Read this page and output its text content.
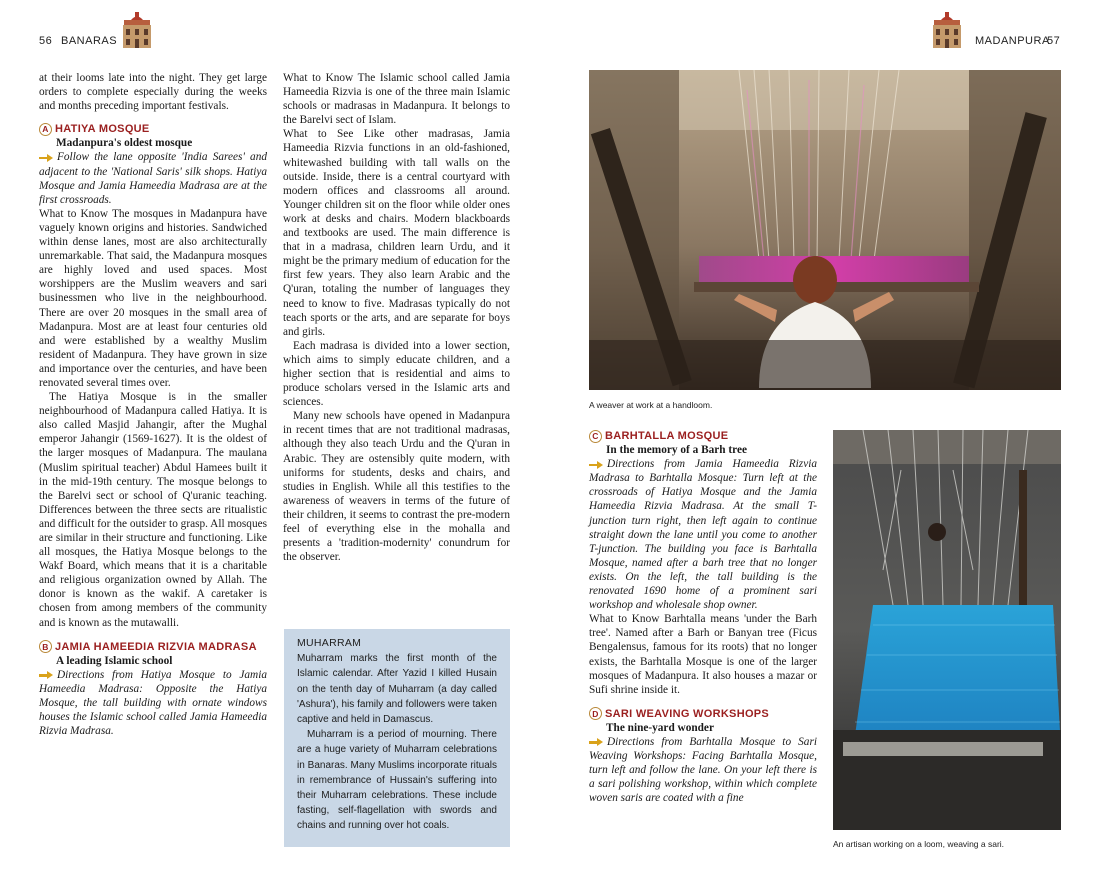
56 BANARAS	MADANPURA
57

at their looms late into the night. They get large orders to complete especially during the weeks and months preceding important festivals.

A HATIYA MOSQUE

Madanpura's oldest mosque

Follow the lane opposite 'India Sarees' and adjacent to the 'National Saris' silk shops. Hatiya Mosque and Jamia Hameedia Madrasa are at the first crossroads.

What to Know The mosques in Madanpura have vaguely known origins and histories. Sandwiched within dense lanes, most are also architecturally unremarkable. That said, the Madanpura mosques are highly loved and used spaces. Most worshippers are the Muslim weavers and sari businessmen who live in the neighbourhood. There are over 20 mosques in the small area of Madanpura. Most are at least four centuries old and were established by a wealthy Muslim resident of Madanpura. They have grown in size and importance over the centuries, and have been renovated several times over.

The Hatiya Mosque is in the smaller neighbourhood of Madanpura called Hatiya. It is also called Masjid Jahangir, after the Mughal emperor Jahangir (1569-1627). It is the oldest of the larger mosques of Madanpura. The maulana (Muslim spiritual teacher) Abdul Hamees built it in the mid-19th century. The mosque belongs to the Barelvi sect or school of Q'uranic teaching. Differences between the three sects are ritualistic and difficult for the outsider to grasp. All mosques are similar in their structure and functioning. Like all mosques, the Hatiya Mosque belongs to the Wakf Board, which means that it is a charitable and religious organization owned by Allah. The donor is known as the wakif. A caretaker is chosen from among members of the community and is known as the mutawalli.

B JAMIA HAMEEDIA RIZVIA MADRASA

A leading Islamic school

Directions from Hatiya Mosque to Jamia Hameedia Madrasa: Opposite the Hatiya Mosque, the tall building with ornate windows houses the Islamic school called Jamia Hameedia Rizvia Madrasa.

What to Know The Islamic school called Jamia Hameedia Rizvia is one of the three main Islamic schools or madrasas in Madanpura. It belongs to the Barelvi sect of Islam.

What to See Like other madrasas, Jamia Hameedia Rizvia functions in an old-fashioned, whitewashed building with tall walls on the outside. Inside, there is a central courtyard with modern offices and classrooms all around. Younger children sit on the floor while older ones work at desks and chairs. Modern blackboards and textbooks are used. The main difference is that in a madrasa, children learn Urdu, and it might be the primary medium of education for the first few years. They also learn Arabic and the Q'uran, totaling the number of languages they need to know to five. Madrasas typically do not teach sports or the arts, and are separate for boys and girls.

Each madrasa is divided into a lower section, which aims to simply educate children, and a higher section that is residential and aims to produce scholars versed in the Islamic arts and sciences.

Many new schools have opened in Madanpura in recent times that are not traditional madrasas, although they also teach Urdu and the Q'uran in Arabic. They are ostensibly quite modern, with uniforms for students, desks and chairs, and studies in English. While all this testifies to the awareness of weavers in terms of the future of their children, it seems to contrast the pre-modern feel of everything else in the mohalla and presents a 'tradition-modernity' conundrum for the observer.

MUHARRAM

Muharram marks the first month of the Islamic calendar. After Yazid I killed Husain on the tenth day of Muharram (a day called 'Ashura'), his family and followers were taken captive and held in Damascus.

Muharram is a period of mourning. There are a huge variety of Muharram celebrations in Banaras. Many Muslims incorporate rituals in remembrance of Hussain's suffering into their Muharram celebrations. These include fasting, self-flagellation with swords and chains and running over hot coals.

A weaver at work at a handloom.
An artisan working on a loom, weaving a sari.
C BARHTALLA MOSQUE

In the memory of a Barh tree

Directions from Jamia Hameedia Rizvia Madrasa to Barhtalla Mosque: Turn left at the crossroads of Hatiya Mosque and the Jamia Hameedia Rizvia Madrasa. At the small T-junction turn right, then left again to continue straight down the lane until you come to another T-junction. The building you face is Barhtalla Mosque, named after a barh tree that no longer exists. On the left, the tall building is the renovated 1690 home of a prominent sari workshop and wholesale shop owner.

What to Know Barhtalla means 'under the Barh tree'. Named after a Barh or Banyan tree (Ficus Bengalensus, famous for its roots) that no longer exists, the Barhtalla Mosque is one of the larger mosques of Madanpura. It also houses a mazar or Sufi shrine inside it.

D SARI WEAVING WORKSHOPS

The nine-yard wonder

Directions from Barhtalla Mosque to Sari Weaving Workshops: Facing Barhtalla Mosque, turn left and follow the lane. On your left there is a sari polishing workshop, within which complete woven saris are coated with a fine
